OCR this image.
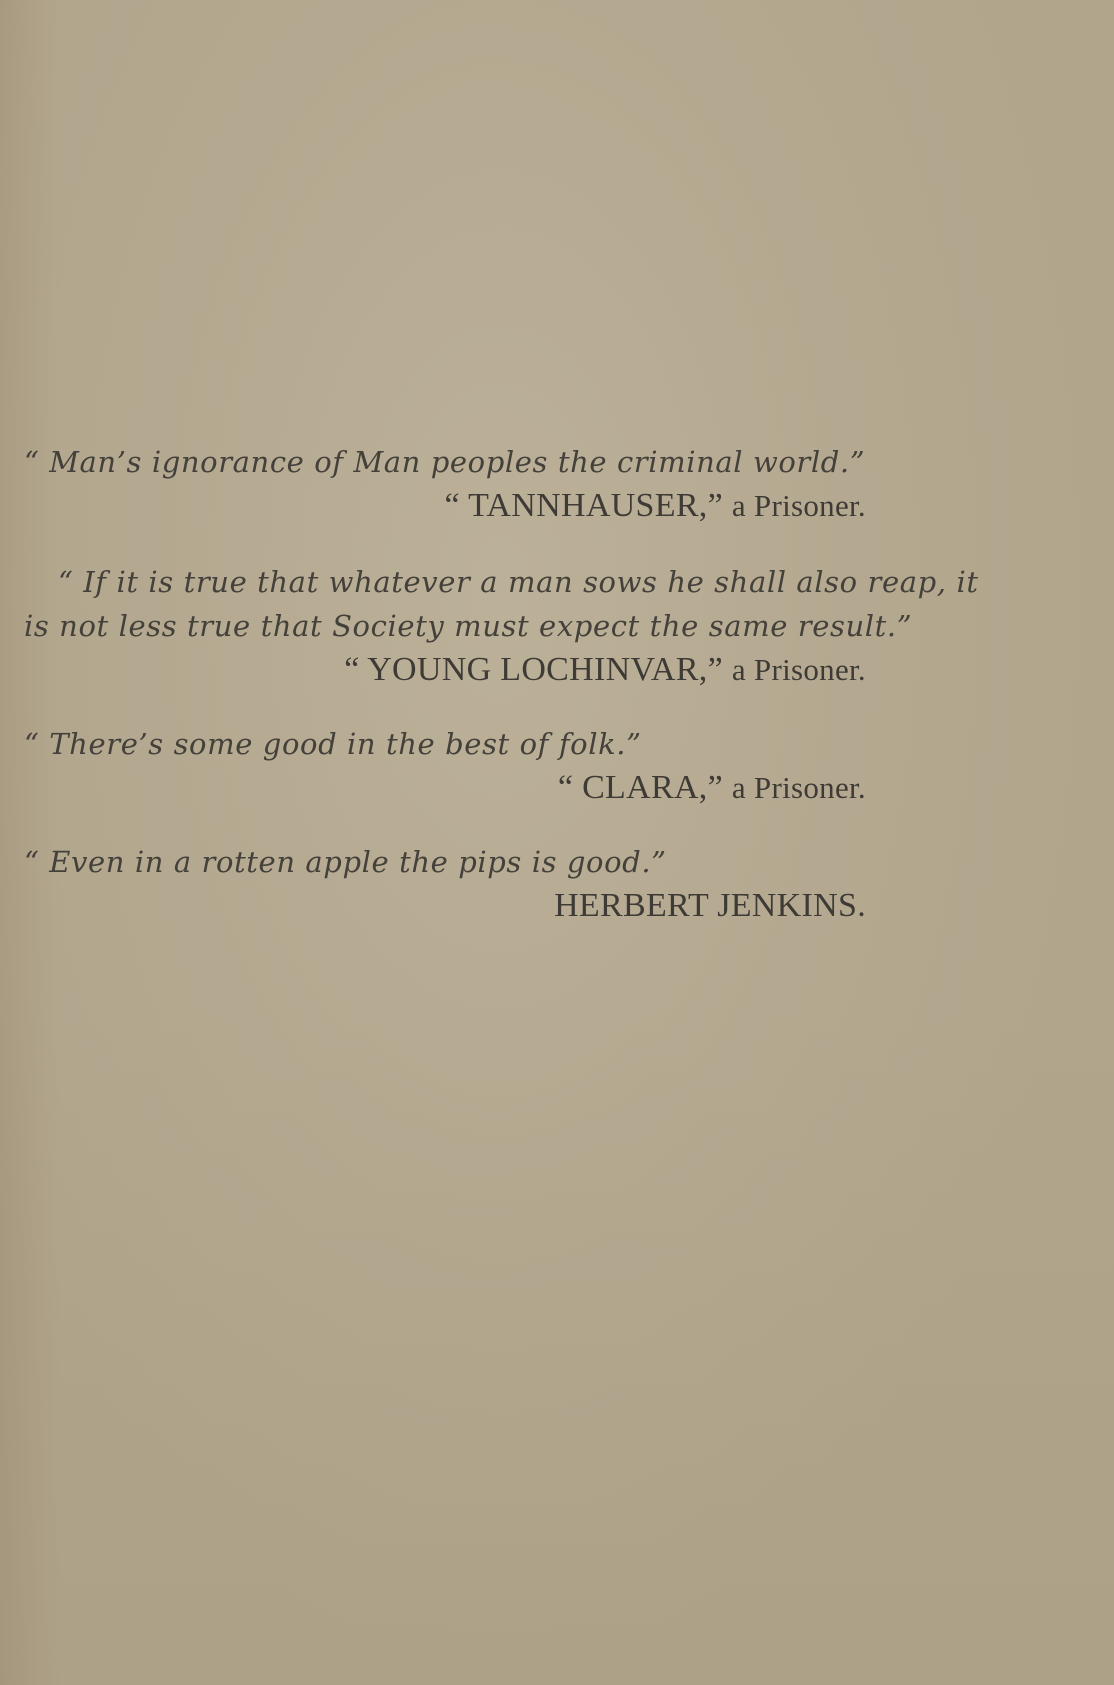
“ Man’s ignorance of Man peoples the criminal world.”

“ TANNHAUSER,” a Prisoner.

“ If it is true that whatever a man sows he shall also reap, it
is not less true that Society must expect the same result.”

“ YOUNG LOCHINVAR,” a Prisoner.

“ There’s some good in the best of folk.”

“ CLARA,” a Prisoner.

“ Even in a rotten apple the pips is good.”

HERBERT JENKINS.
